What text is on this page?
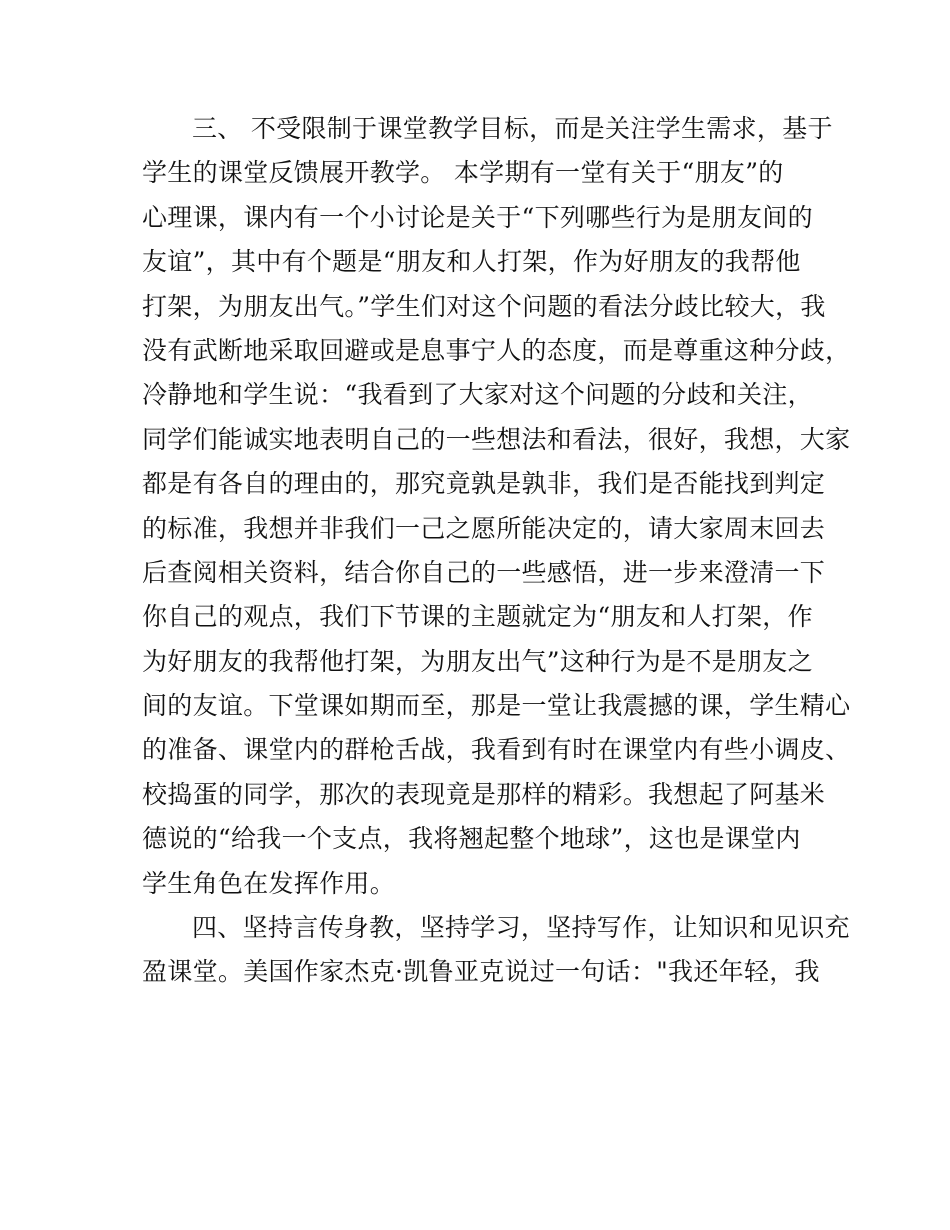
三、 不受限制于课堂教学目标，而是关注学生需求，基于
学生的课堂反馈展开教学。 本学期有一堂有关于“朋友”的
心理课，课内有一个小讨论是关于“下列哪些行为是朋友间的
友谊”，其中有个题是“朋友和人打架，作为好朋友的我帮他
打架，为朋友出气。”学生们对这个问题的看法分歧比较大，我
没有武断地采取回避或是息事宁人的态度，而是尊重这种分歧，
冷静地和学生说：“我看到了大家对这个问题的分歧和关注，
同学们能诚实地表明自己的一些想法和看法，很好，我想，大家
都是有各自的理由的，那究竟孰是孰非，我们是否能找到判定
的标准，我想并非我们一己之愿所能决定的，请大家周末回去
后查阅相关资料，结合你自己的一些感悟，进一步来澄清一下
你自己的观点，我们下节课的主题就定为“朋友和人打架，作
为好朋友的我帮他打架，为朋友出气”这种行为是不是朋友之
间的友谊。下堂课如期而至，那是一堂让我震撼的课，学生精心
的准备、课堂内的群枪舌战，我看到有时在课堂内有些小调皮、
校捣蛋的同学，那次的表现竟是那样的精彩。我想起了阿基米
德说的“给我一个支点，我将翘起整个地球”，这也是课堂内
学生角色在发挥作用。
四、坚持言传身教，坚持学习，坚持写作，让知识和见识充
盈课堂。美国作家杰克·凯鲁亚克说过一句话："我还年轻，我
